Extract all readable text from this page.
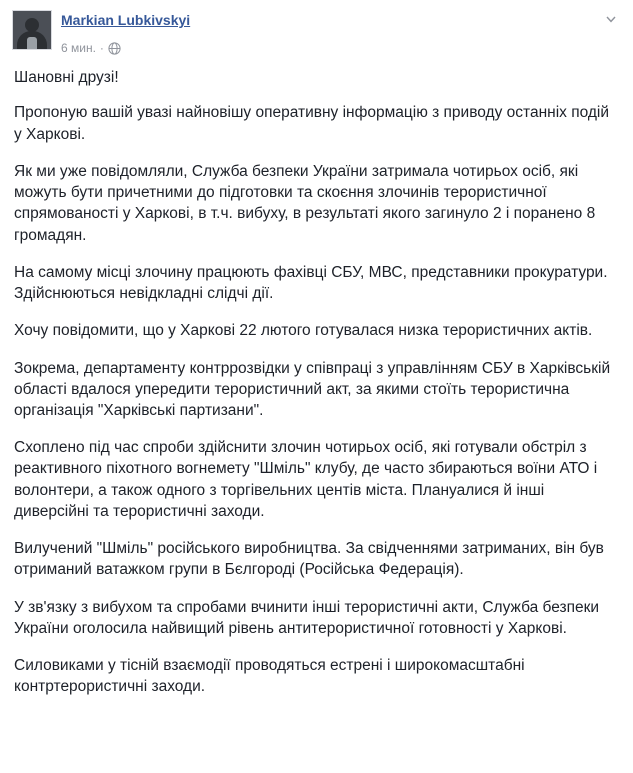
Markian Lubkivskyi
6 мин. ·

Шановні друзі!

Пропоную вашій увазі найновішу оперативну інформацію з приводу останніх подій у Харкові.

Як ми уже повідомляли, Служба безпеки України затримала чотирьох осіб, які можуть бути причетними до підготовки та скоєння злочинів терористичної спрямованості у Харкові, в т.ч. вибуху, в результаті якого загинуло 2 і поранено 8 громадян.

На самому місці злочину працюють фахівці СБУ, МВС, представники прокуратури. Здійснюються невідкладні слідчі дії.

Хочу повідомити, що у Харкові 22 лютого готувалася низка терористичних актів.

Зокрема, департаменту контррозвідки у співпраці з управлінням СБУ в Харківській області вдалося упередити терористичний акт, за якими стоїть терористична організація "Харківські партизани".

Схоплено під час спроби здійснити злочин чотирьох осіб, які готували обстріл з реактивного піхотного вогнемету "Шміль" клубу, де часто збираються воїни АТО і волонтери, а також одного з торгівельних центів міста. Плануалися й інші диверсійні та терористичні заходи.

Вилучений "Шміль" російського виробництва. За свідченнями затриманих, він був отриманий ватажком групи в Бєлгороді (Російська Федерація).

У зв'язку з вибухом та спробами вчинити інші терористичні акти, Служба безпеки України оголосила найвищий рівень антитерористичної готовності у Харкові.

Силовиками у тісній взаємодії проводяться естрені і широкомасштабні контртерористичні заходи.
